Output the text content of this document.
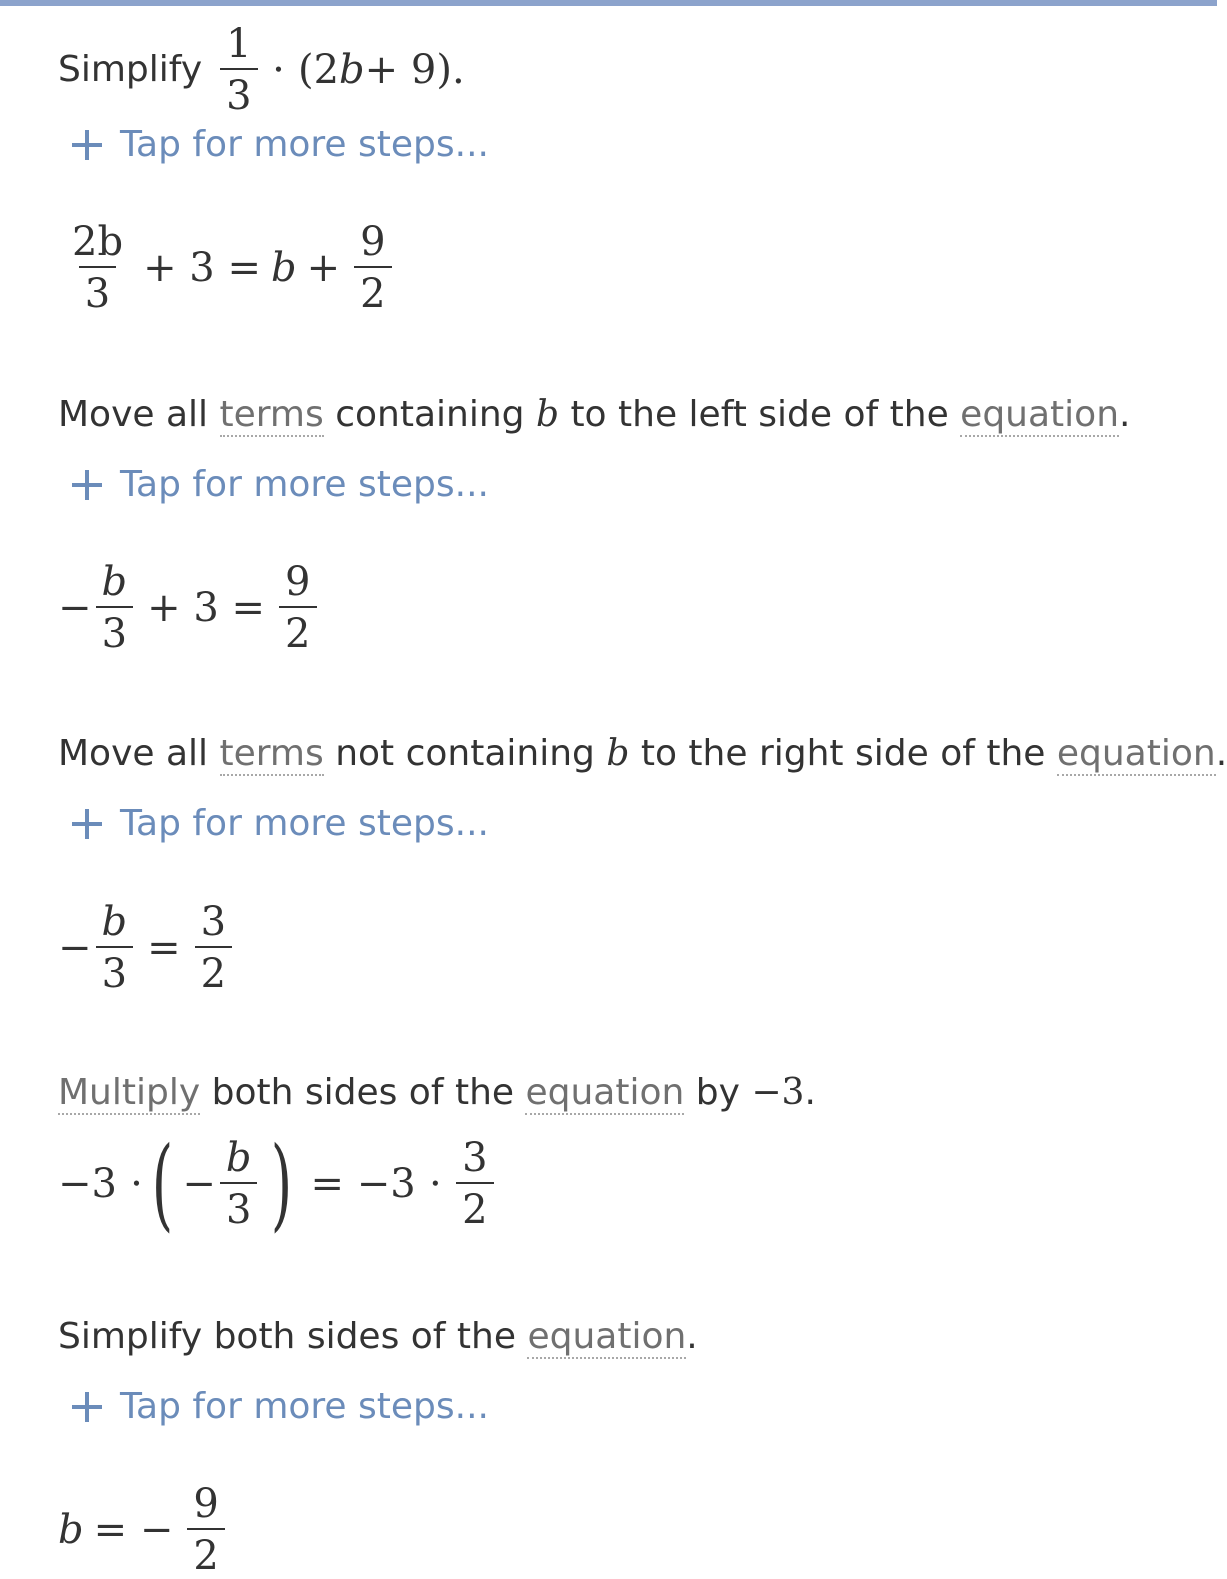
Simplify $\frac{1}{3} \cdot (2$ b + 9).
Tap for more steps...
$\frac{2b}{3} + 3 = b + \frac{9}{2}$
Move all terms containing b to the left side of the equation.
Tap for more steps...
− $\frac{b}{3} + 3 = \frac{9}{2}$
Move all terms not containing b to the right side of the equation.
Tap for more steps...
− $\frac{b}{3} = \frac{3}{2}$
Multiply both sides of the equation by −3.
−3 ⋅ ( − $\frac{b}{3}$ ) = $-3 \cdot \frac{3}{2}$
Simplify both sides of the equation.
Tap for more steps...
b = − $\frac{9}{2}$
